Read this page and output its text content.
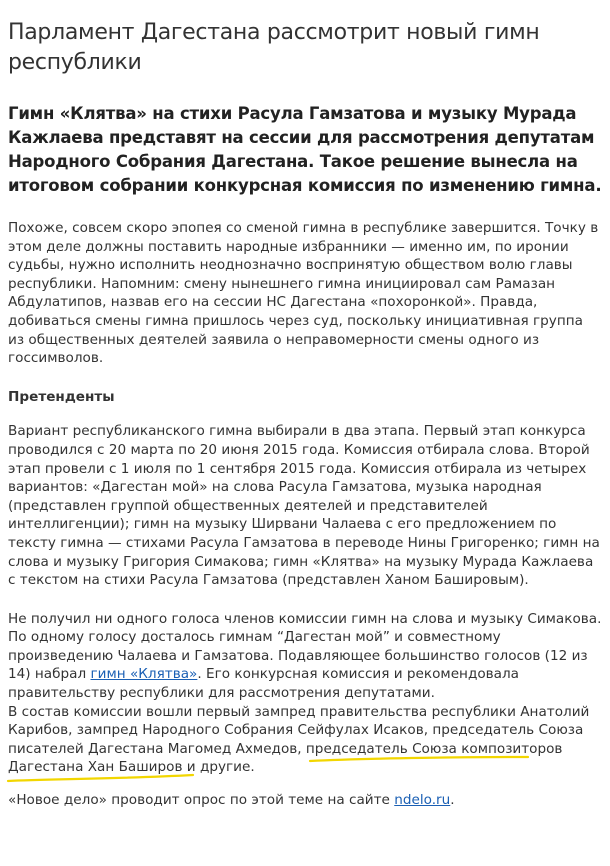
Парламент Дагестана рассмотрит новый гимн республики

Гимн «Клятва» на стихи Расула Гамзатова и музыку Мурада Кажлаева представят на сессии для рассмотрения депутатам Народного Собрания Дагестана. Такое решение вынесла на итоговом собрании конкурсная комиссия по изменению гимна.

Похоже, совсем скоро эпопея со сменой гимна в республике завершится. Точку в этом деле должны поставить народные избранники — именно им, по иронии судьбы, нужно исполнить неоднозначно воспринятую обществом волю главы республики. Напомним: смену нынешнего гимна инициировал сам Рамазан Абдулатипов, назвав его на сессии НС Дагестана «похоронкой». Правда, добиваться смены гимна пришлось через суд, поскольку инициативная группа из общественных деятелей заявила о неправомерности смены одного из госсимволов.

Претенденты

Вариант республиканского гимна выбирали в два этапа. Первый этап конкурса проводился с 20 марта по 20 июня 2015 года. Комиссия отбирала слова. Второй этап провели с 1 июля по 1 сентября 2015 года. Комиссия отбирала из четырех вариантов: «Дагестан мой» на слова Расула Гамзатова, музыка народная (представлен группой общественных деятелей и представителей интеллигенции); гимн на музыку Ширвани Чалаева с его предложением по тексту гимна — стихами Расула Гамзатова в переводе Нины Григоренко; гимн на слова и музыку Григория Симакова; гимн «Клятва» на музыку Мурада Кажлаева с текстом на стихи Расула Гамзатова (представлен Ханом Башировым).

Не получил ни одного голоса членов комиссии гимн на слова и музыку Симакова. По одному голосу досталось гимнам “Дагестан мой” и совместному произведению Чалаева и Гамзатова. Подавляющее большинство голосов (12 из 14) набрал гимн «Клятва». Его конкурсная комиссия и рекомендовала правительству республики для рассмотрения депутатами.

В состав комиссии вошли первый зампред правительства республики Анатолий Карибов, зампред Народного Собрания Сейфулах Исаков, председатель Союза писателей Дагестана Магомед Ахмедов, председатель Союза композиторов Дагестана Хан Баширов и другие.

«Новое дело» проводит опрос по этой теме на сайте ndelo.ru.
